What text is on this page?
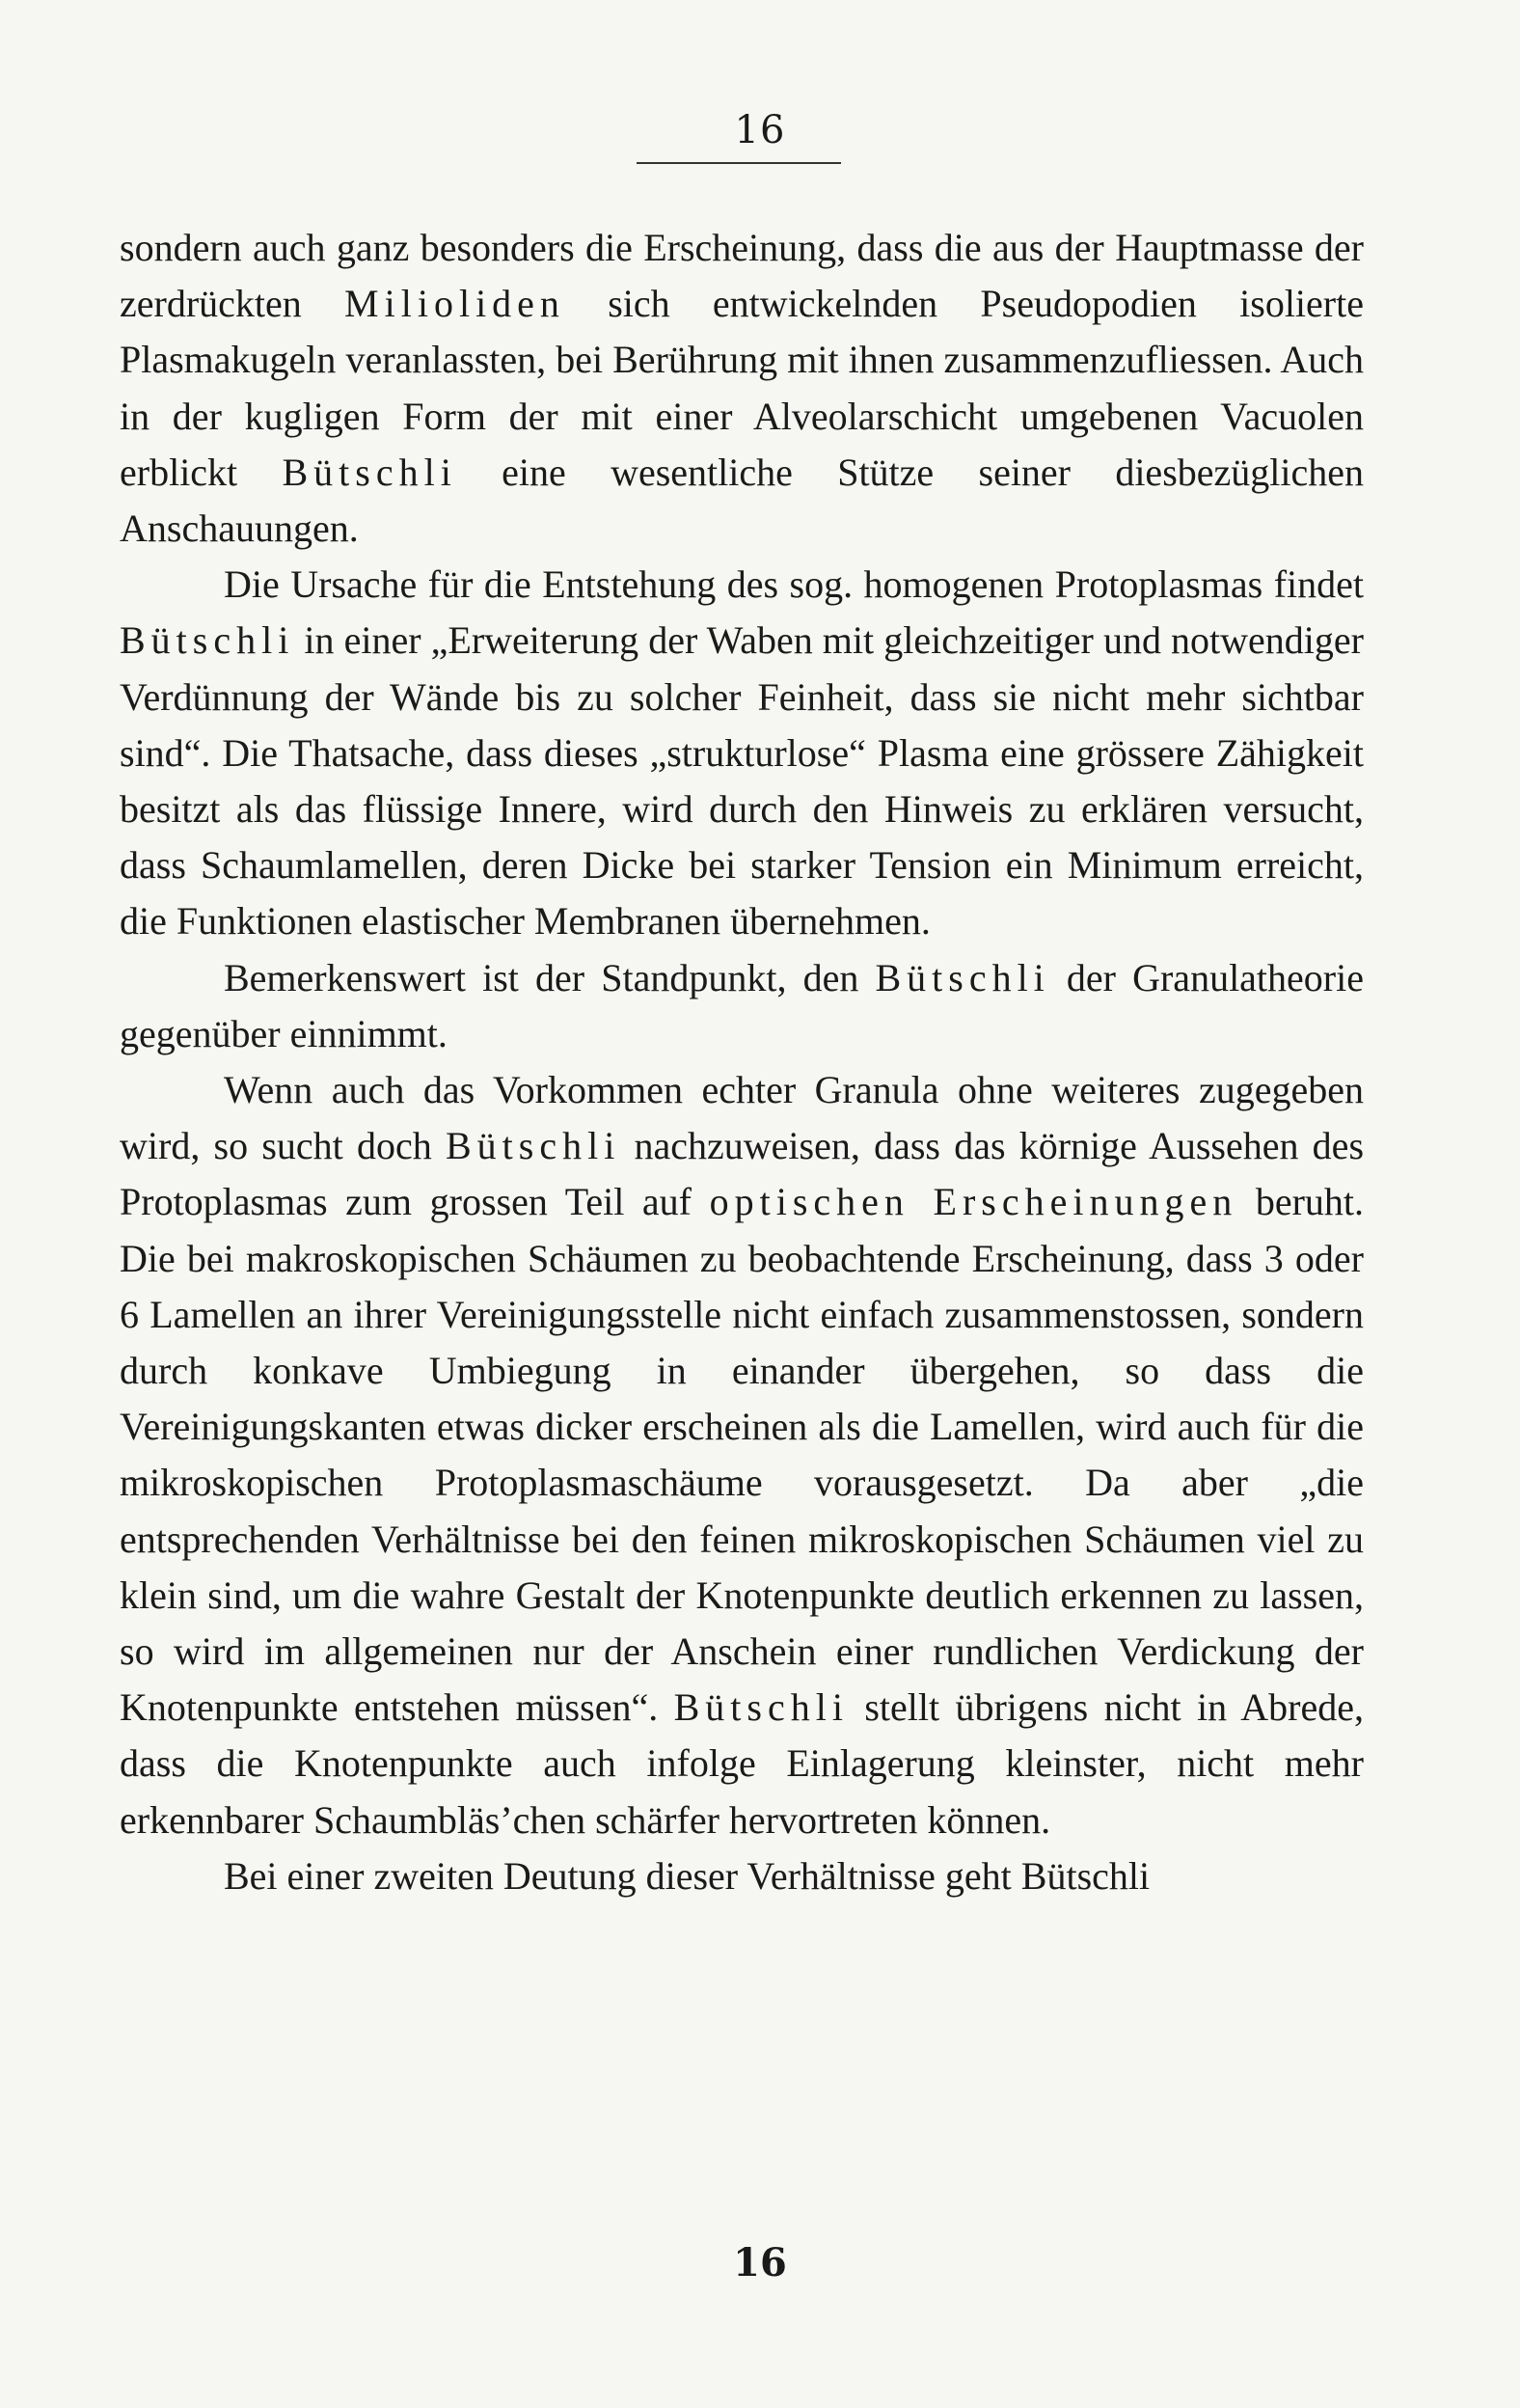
16

sondern auch ganz besonders die Erscheinung, dass die aus der Hauptmasse der zerdrückten Milioliden sich entwickelnden Pseudopodien isolierte Plasmakugeln veranlassten, bei Berührung mit ihnen zusammenzufliessen. Auch in der kugligen Form der mit einer Alveolarschicht umgebenen Vacuolen erblickt Bütschli eine wesentliche Stütze seiner diesbezüglichen Anschauungen.

Die Ursache für die Entstehung des sog. homogenen Protoplasmas findet Bütschli in einer „Erweiterung der Waben mit gleichzeitiger und notwendiger Verdünnung der Wände bis zu solcher Feinheit, dass sie nicht mehr sichtbar sind“. Die Thatsache, dass dieses „strukturlose“ Plasma eine grössere Zähigkeit besitzt als das flüssige Innere, wird durch den Hinweis zu erklären versucht, dass Schaumlamellen, deren Dicke bei starker Tension ein Minimum erreicht, die Funktionen elastischer Membranen übernehmen.

Bemerkenswert ist der Standpunkt, den Bütschli der Granulatheorie gegenüber einnimmt.

Wenn auch das Vorkommen echter Granula ohne weiteres zugegeben wird, so sucht doch Bütschli nachzuweisen, dass das körnige Aussehen des Protoplasmas zum grossen Teil auf optischen Erscheinungen beruht. Die bei makroskopischen Schäumen zu beobachtende Erscheinung, dass 3 oder 6 Lamellen an ihrer Vereinigungsstelle nicht einfach zusammenstossen, sondern durch konkave Umbiegung in einander übergehen, so dass die Vereinigungskanten etwas dicker erscheinen als die Lamellen, wird auch für die mikroskopischen Protoplasmaschäume vorausgesetzt. Da aber „die entsprechenden Verhältnisse bei den feinen mikroskopischen Schäumen viel zu klein sind, um die wahre Gestalt der Knotenpunkte deutlich erkennen zu lassen, so wird im allgemeinen nur der Anschein einer rundlichen Verdickung der Knotenpunkte entstehen müssen“. Bütschli stellt übrigens nicht in Abrede, dass die Knotenpunkte auch infolge Einlagerung kleinster, nicht mehr erkennbarer Schaumbläs’chen schärfer hervortreten können.

Bei einer zweiten Deutung dieser Verhältnisse geht Bütschli

16
